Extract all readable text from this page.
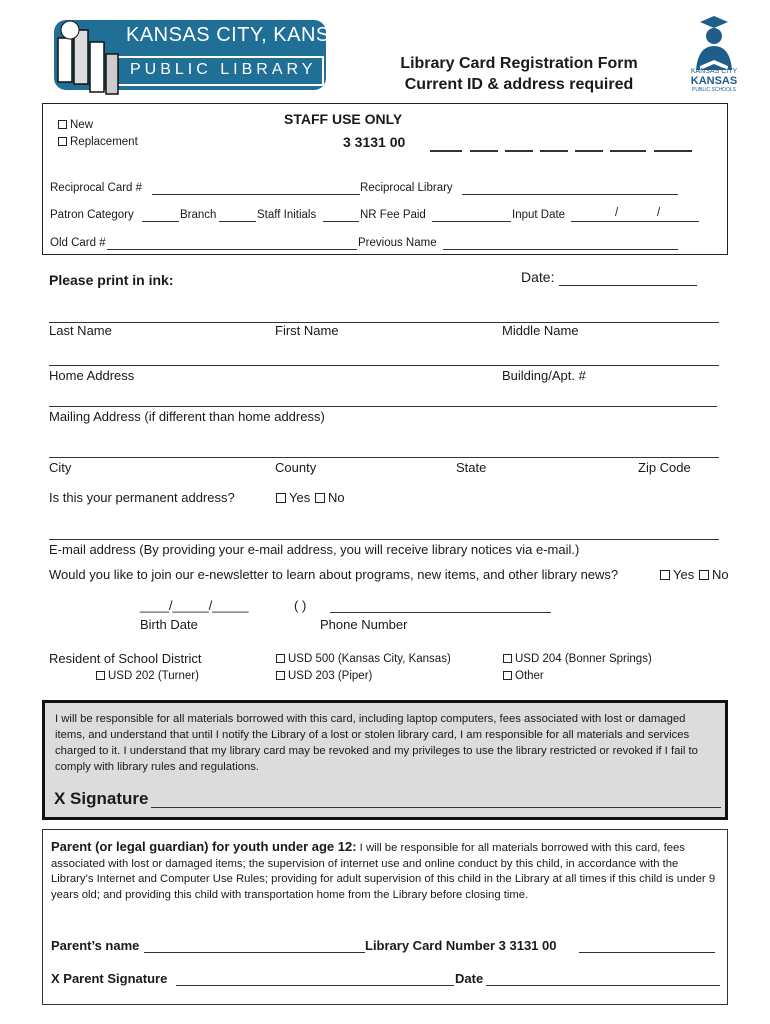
KANSAS CITY, KANSAS
PUBLIC LIBRARY	Library Card Registration Form
Current ID & address required
KANSAS CITY
KANSAS
PUBLIC SCHOOLS
New
Replacement
STAFF USE ONLY
3 3131 00
Reciprocal Card #	Reciprocal Library
Patron Category	Branch	Staff Initials	NR Fee Paid	Input Date	/	/
Old Card #	Previous Name
Please print in ink:	Date:
Last Name	First Name	Middle Name
Home Address	Building/Apt. #
Mailing Address (if different than home address)
City	County	State	Zip Code
Is this your permanent address?	Yes	No
E-mail address (By providing your e-mail address, you will receive library notices via e-mail.)
Would you like to join our e-newsletter to learn about programs, new items, and other library news?	Yes	No
____/_____/_____
Birth Date
( )
Phone Number
Resident of School District	USD 500 (Kansas City, Kansas)	USD 204 (Bonner Springs)
USD 202 (Turner)	USD 203 (Piper)	Other

I will be responsible for all materials borrowed with this card, including laptop computers, fees associated with lost or damaged items, and understand that until I notify the Library of a lost or stolen library card, I am responsible for all materials and services charged to it. I understand that my library card may be revoked and my privileges to use the library restricted or revoked if I fail to comply with library rules and regulations.

X Signature

Parent (or legal guardian) for youth under age 12: I will be responsible for all materials borrowed with this card, fees associated with lost or damaged items; the supervision of internet use and online conduct by this child, in accordance with the Library’s Internet and Computer Use Rules; providing for adult supervision of this child in the Library at all times if this child is under 9 years old; and providing this child with transportation home from the Library before closing time.

Parent’s name	Library Card Number 3 3131 00
X Parent Signature	Date
